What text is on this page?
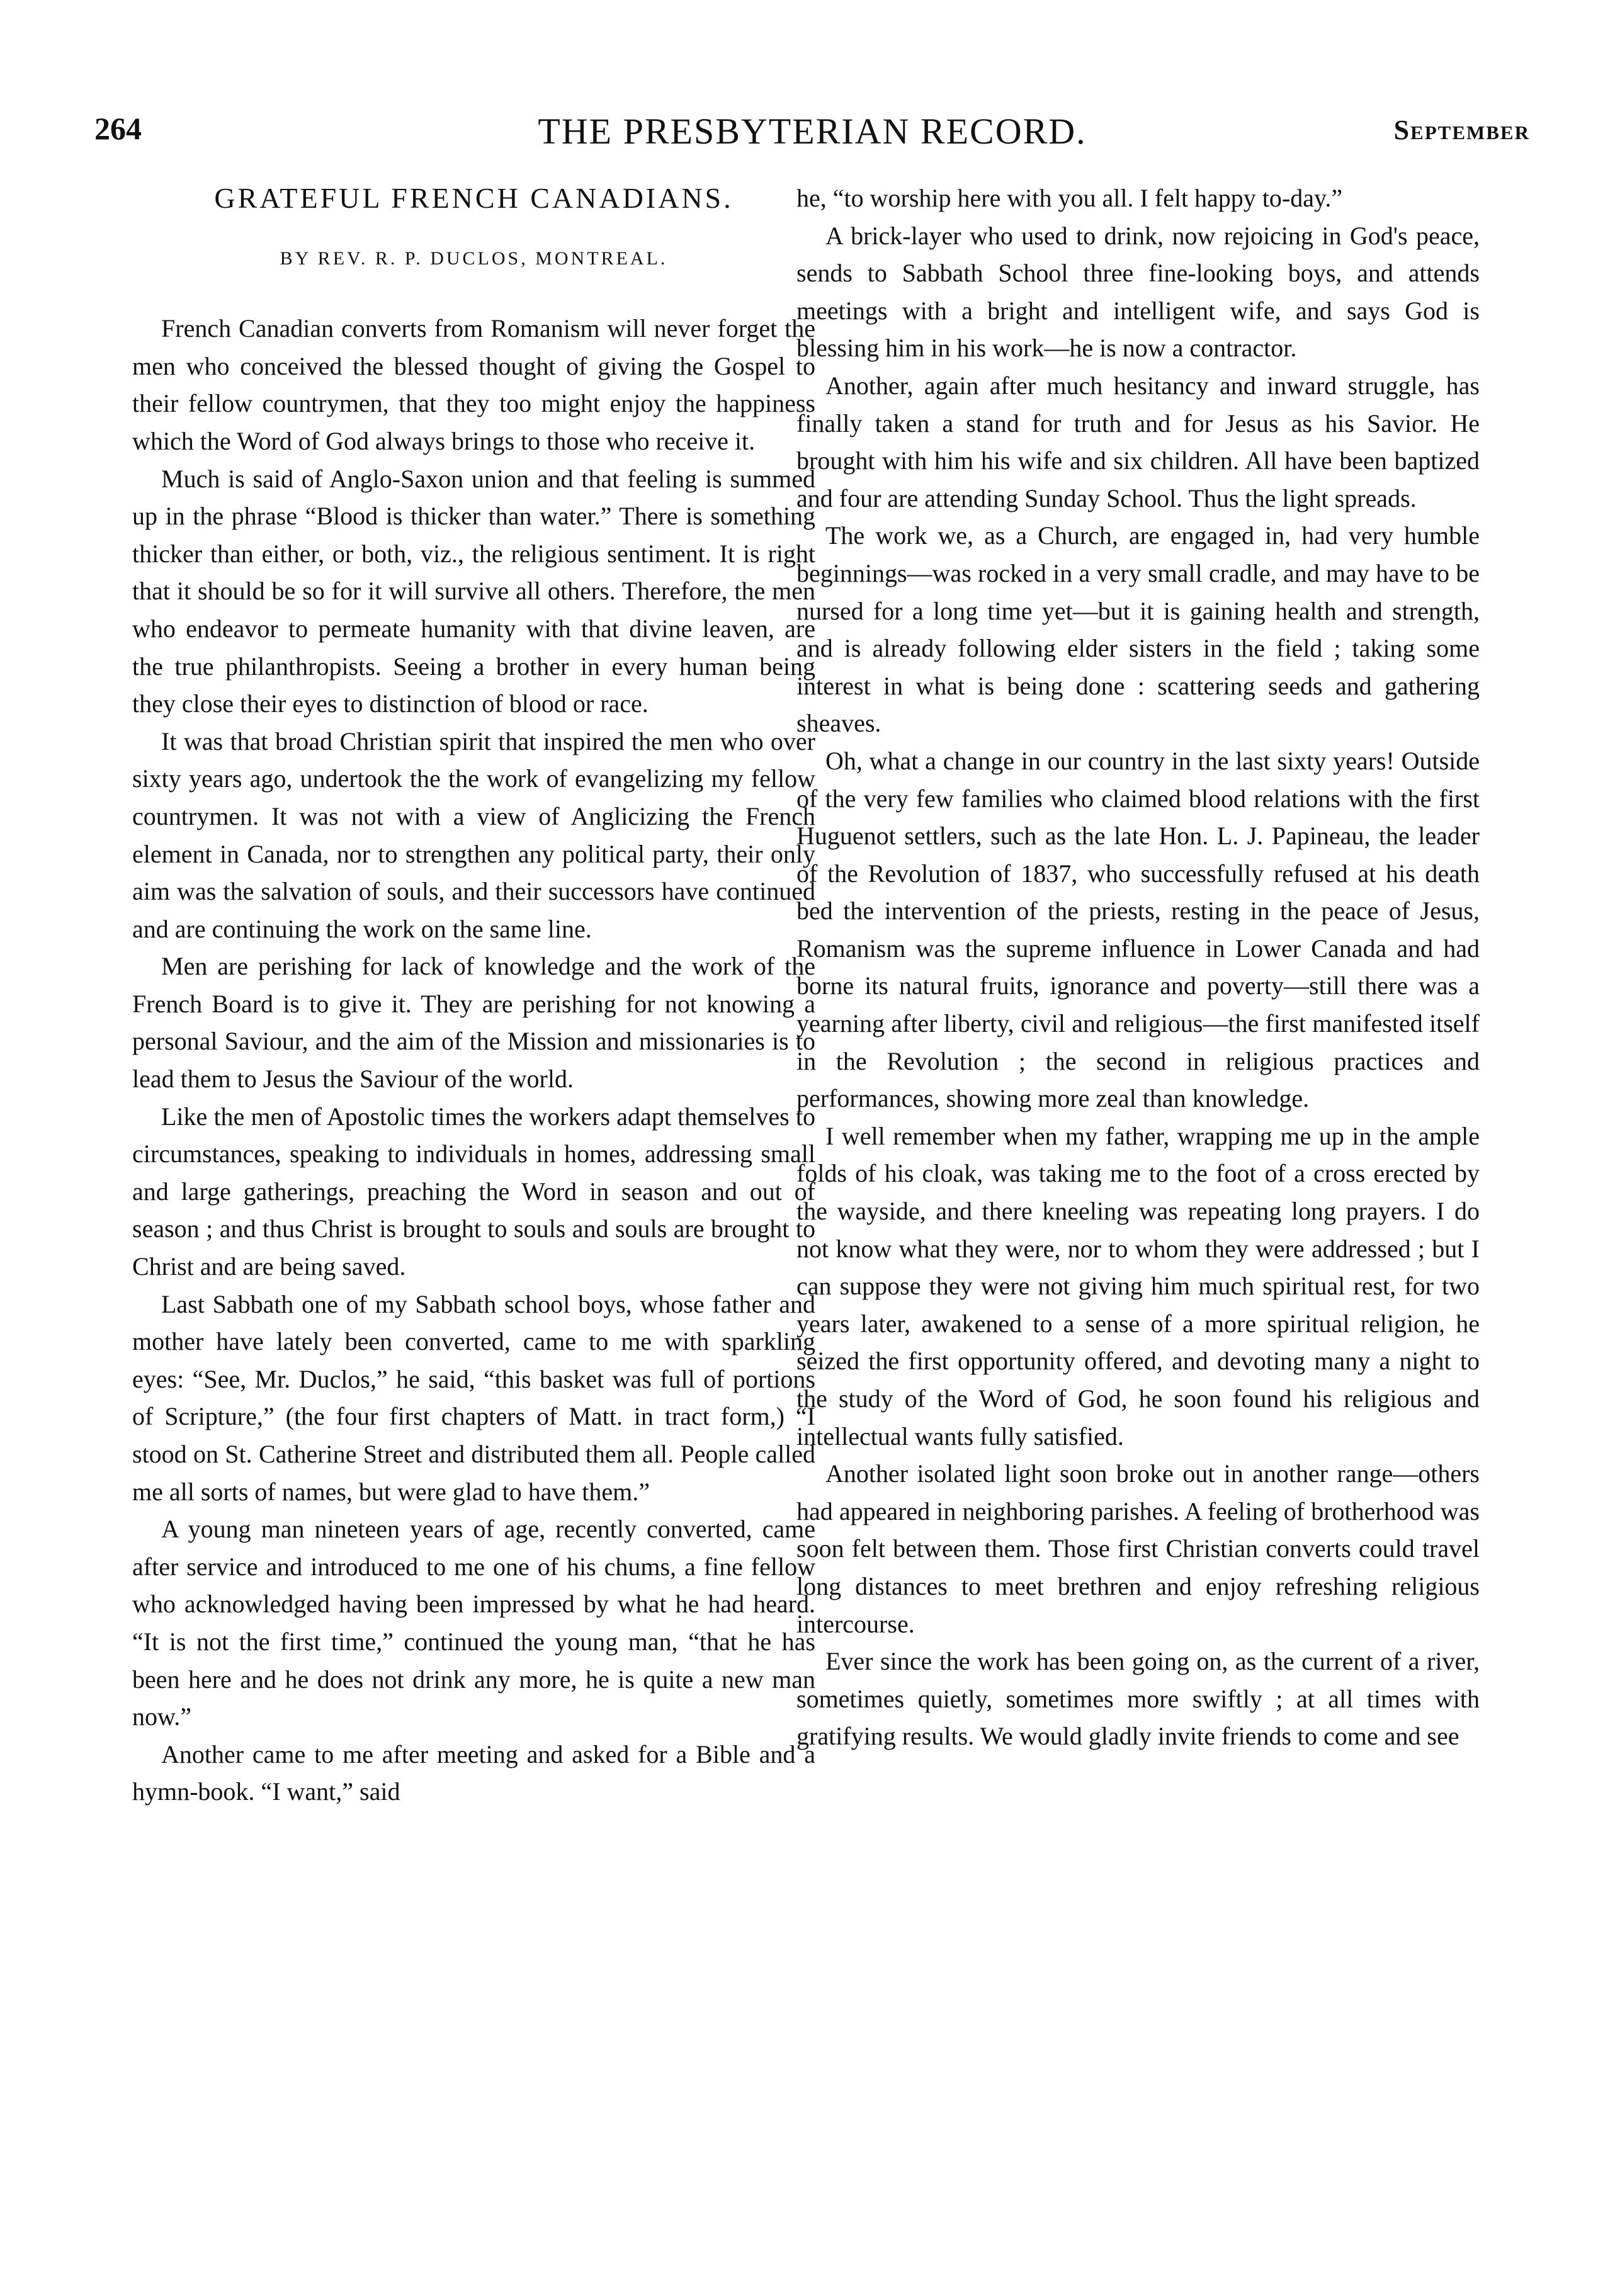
THE PRESBYTERIAN RECORD.
264	September
GRATEFUL FRENCH CANADIANS.
BY REV. R. P. DUCLOS, MONTREAL.

French Canadian converts from Romanism will never forget the men who conceived the blessed thought of giving the Gospel to their fellow countrymen, that they too might enjoy the happiness which the Word of God always brings to those who receive it.

Much is said of Anglo-Saxon union and that feeling is summed up in the phrase “Blood is thicker than water.” There is something thicker than either, or both, viz., the religious sentiment. It is right that it should be so for it will survive all others. Therefore, the men who endeavor to permeate humanity with that divine leaven, are the true philanthropists. Seeing a brother in every human being they close their eyes to distinction of blood or race.

It was that broad Christian spirit that inspired the men who over sixty years ago, undertook the the work of evangelizing my fellow countrymen. It was not with a view of Anglicizing the French element in Canada, nor to strengthen any political party, their only aim was the salvation of souls, and their successors have continued and are continuing the work on the same line.

Men are perishing for lack of knowledge and the work of the French Board is to give it. They are perishing for not knowing a personal Saviour, and the aim of the Mission and missionaries is to lead them to Jesus the Saviour of the world.

Like the men of Apostolic times the workers adapt themselves to circumstances, speaking to individuals in homes, addressing small and large gatherings, preaching the Word in season and out of season ; and thus Christ is brought to souls and souls are brought to Christ and are being saved.

Last Sabbath one of my Sabbath school boys, whose father and mother have lately been converted, came to me with sparkling eyes: “See, Mr. Duclos,” he said, “this basket was full of portions of Scripture,” (the four first chapters of Matt. in tract form,) “I stood on St. Catherine Street and distributed them all. People called me all sorts of names, but were glad to have them.”

A young man nineteen years of age, recently converted, came after service and introduced to me one of his chums, a fine fellow who acknowledged having been impressed by what he had heard. “It is not the first time,” continued the young man, “that he has been here and he does not drink any more, he is quite a new man now.”

Another came to me after meeting and asked for a Bible and a hymn-book. “I want,” said

he, “to worship here with you all. I felt happy to-day.”

A brick-layer who used to drink, now rejoicing in God's peace, sends to Sabbath School three fine-looking boys, and attends meetings with a bright and intelligent wife, and says God is blessing him in his work—he is now a contractor.

Another, again after much hesitancy and inward struggle, has finally taken a stand for truth and for Jesus as his Savior. He brought with him his wife and six children. All have been baptized and four are attending Sunday School. Thus the light spreads.

The work we, as a Church, are engaged in, had very humble beginnings—was rocked in a very small cradle, and may have to be nursed for a long time yet—but it is gaining health and strength, and is already following elder sisters in the field ; taking some interest in what is being done : scattering seeds and gathering sheaves.

Oh, what a change in our country in the last sixty years! Outside of the very few families who claimed blood relations with the first Huguenot settlers, such as the late Hon. L. J. Papineau, the leader of the Revolution of 1837, who successfully refused at his death bed the intervention of the priests, resting in the peace of Jesus, Romanism was the supreme influence in Lower Canada and had borne its natural fruits, ignorance and poverty—still there was a yearning after liberty, civil and religious—the first manifested itself in the Revolution ; the second in religious practices and performances, showing more zeal than knowledge.

I well remember when my father, wrapping me up in the ample folds of his cloak, was taking me to the foot of a cross erected by the wayside, and there kneeling was repeating long prayers. I do not know what they were, nor to whom they were addressed ; but I can suppose they were not giving him much spiritual rest, for two years later, awakened to a sense of a more spiritual religion, he seized the first opportunity offered, and devoting many a night to the study of the Word of God, he soon found his religious and intellectual wants fully satisfied.

Another isolated light soon broke out in another range—others had appeared in neighboring parishes. A feeling of brotherhood was soon felt between them. Those first Christian converts could travel long distances to meet brethren and enjoy refreshing religious intercourse.

Ever since the work has been going on, as the current of a river, sometimes quietly, sometimes more swiftly ; at all times with gratifying results. We would gladly invite friends to come and see
